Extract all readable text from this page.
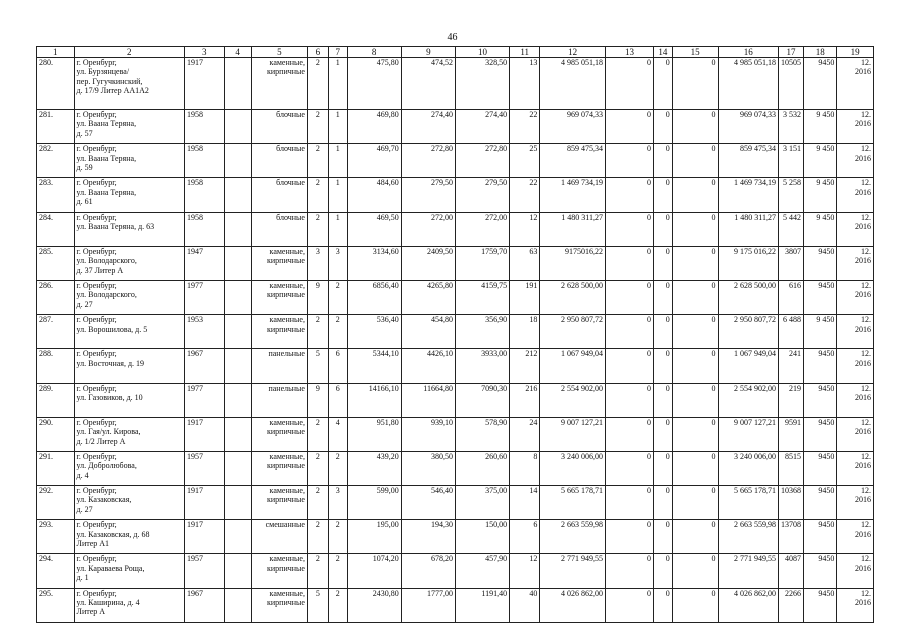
46
1	2	3	4	5	6	7	8	9	10	11	12	13	14	15	16	17	18	19
280.	г. Оренбург,
ул. Бурзянцева/
пер. Гугучкинский,
д. 17/9 Литер АА1А2	1917		каменные,
кирпичные	2	1	475,80	474,52	328,50	13	4 985 051,18	0	0	0	4 985 051,18	10505	9450	12.
2016
281.	г. Оренбург,
ул. Ваана Теряна,
д. 57	1958		блочные	2	1	469,80	274,40	274,40	22	969 074,33	0	0	0	969 074,33	3 532	9 450	12.
2016
282.	г. Оренбург,
ул. Ваана Теряна,
д. 59	1958		блочные	2	1	469,70	272,80	272,80	25	859 475,34	0	0	0	859 475,34	3 151	9 450	12.
2016
283.	г. Оренбург,
ул. Ваана Теряна,
д. 61	1958		блочные	2	1	484,60	279,50	279,50	22	1 469 734,19	0	0	0	1 469 734,19	5 258	9 450	12.
2016
284.	г. Оренбург,
ул. Ваана Теряна, д. 63	1958		блочные	2	1	469,50	272,00	272,00	12	1 480 311,27	0	0	0	1 480 311,27	5 442	9 450	12.
2016
285.	г. Оренбург,
ул. Володарского,
д. 37 Литер А	1947		каменные,
кирпичные	3	3	3134,60	2409,50	1759,70	63	9175016,22	0	0	0	9 175 016,22	3807	9450	12.
2016
286.	г. Оренбург,
ул. Володарского,
д. 27	1977		каменные,
кирпичные	9	2	6856,40	4265,80	4159,75	191	2 628 500,00	0	0	0	2 628 500,00	616	9450	12.
2016
287.	г. Оренбург,
ул. Ворошилова, д. 5	1953		каменные,
кирпичные	2	2	536,40	454,80	356,90	18	2 950 807,72	0	0	0	2 950 807,72	6 488	9 450	12.
2016
288.	г. Оренбург,
ул. Восточная, д. 19	1967		панельные	5	6	5344,10	4426,10	3933,00	212	1 067 949,04	0	0	0	1 067 949,04	241	9450	12.
2016
289.	г. Оренбург,
ул. Газовиков, д. 10	1977		панельные	9	6	14166,10	11664,80	7090,30	216	2 554 902,00	0	0	0	2 554 902,00	219	9450	12.
2016
290.	г. Оренбург,
ул. Гая/ул. Кирова,
д. 1/2 Литер А	1917		каменные,
кирпичные	2	4	951,80	939,10	578,90	24	9 007 127,21	0	0	0	9 007 127,21	9591	9450	12.
2016
291.	г. Оренбург,
ул. Добролюбова,
д. 4	1957		каменные,
кирпичные	2	2	439,20	380,50	260,60	8	3 240 006,00	0	0	0	3 240 006,00	8515	9450	12.
2016
292.	г. Оренбург,
ул. Казаковская,
д. 27	1917		каменные,
кирпичные	2	3	599,00	546,40	375,00	14	5 665 178,71	0	0	0	5 665 178,71	10368	9450	12.
2016
293.	г. Оренбург,
ул. Казаковская, д. 68
Литер А1	1917		смешанные	2	2	195,00	194,30	150,00	6	2 663 559,98	0	0	0	2 663 559,98	13708	9450	12.
2016
294.	г. Оренбург,
ул. Караваева Роща,
д. 1	1957		каменные,
кирпичные	2	2	1074,20	678,20	457,90	12	2 771 949,55	0	0	0	2 771 949,55	4087	9450	12.
2016
295.	г. Оренбург,
ул. Каширина, д. 4
Литер А	1967		каменные,
кирпичные	5	2	2430,80	1777,00	1191,40	40	4 026 862,00	0	0	0	4 026 862,00	2266	9450	12.
2016
